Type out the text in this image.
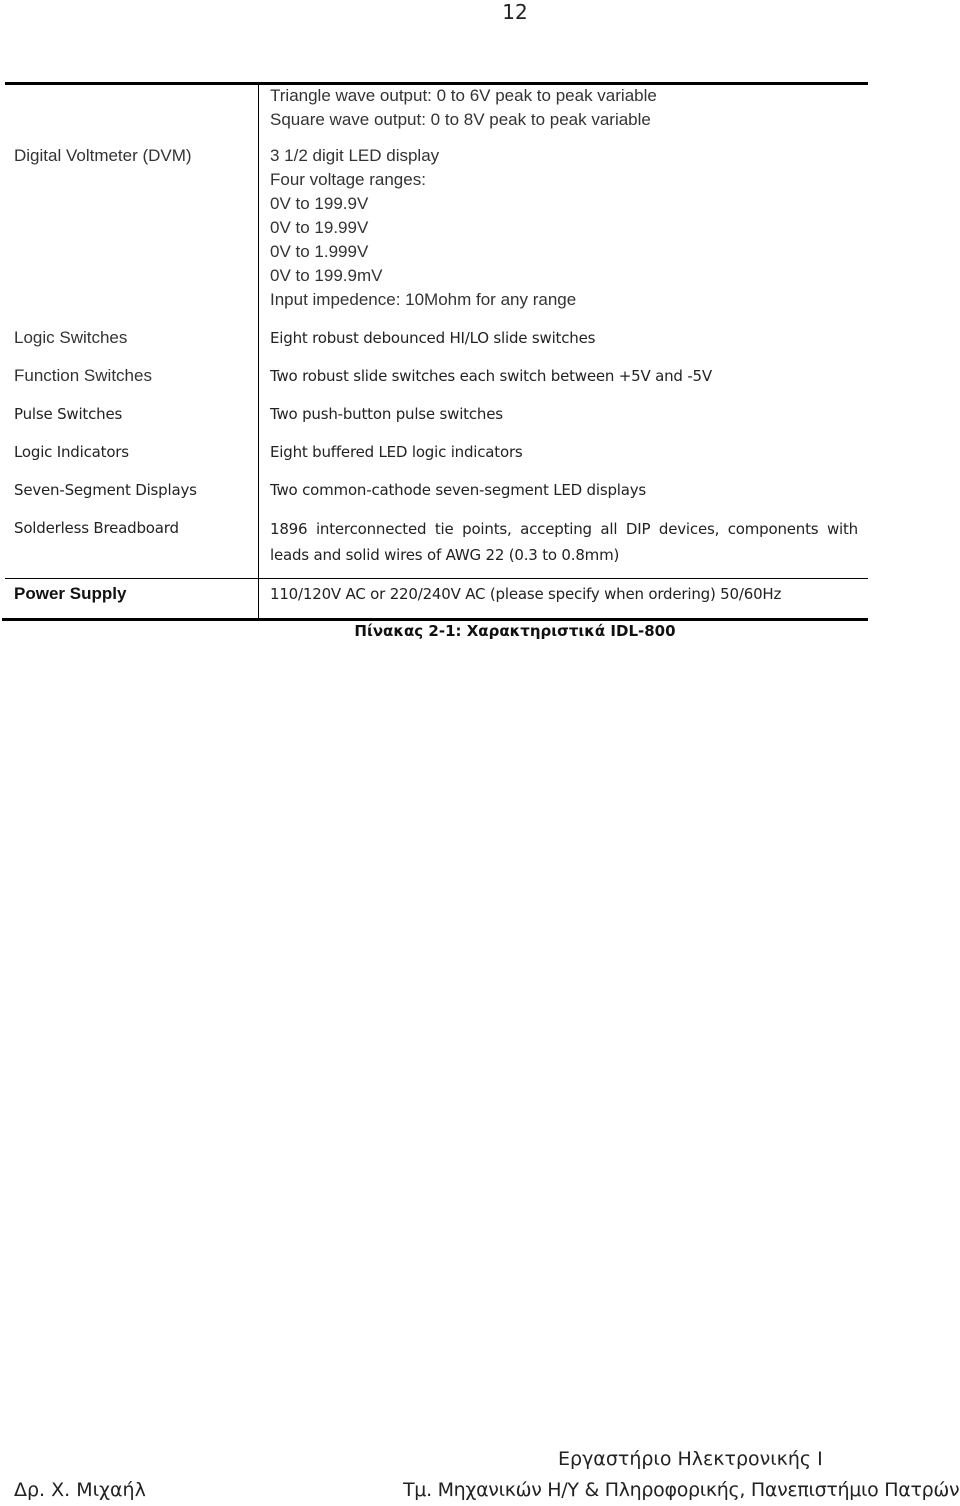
12
Triangle wave output: 0 to 6V peak to peak variable
Square wave output: 0 to 8V peak to peak variable
Digital Voltmeter (DVM)	3 1/2 digit LED display
Four voltage ranges:
0V to 199.9V
0V to 19.99V
0V to 1.999V
0V to 199.9mV
Input impedence: 10Mohm for any range
Logic Switches	Eight robust debounced HI/LO slide switches
Function Switches	Two robust slide switches each switch between +5V and -5V
Pulse Switches	Two push-button pulse switches
Logic Indicators	Eight buffered LED logic indicators
Seven-Segment Displays	Two common-cathode seven-segment LED displays
Solderless Breadboard	1896 interconnected tie points, accepting all DIP devices, components with
leads and solid wires of AWG 22 (0.3 to 0.8mm)
Power Supply	110/120V AC or 220/240V AC (please specify when ordering) 50/60Hz
Πίνακας 2-1: Χαρακτηριστικά IDL-800
Εργαστήριο Ηλεκτρονικής Ι
Δρ. Χ. Μιχαήλ	Τμ. Μηχανικών Η/Υ & Πληροφορικής, Πανεπιστήμιο Πατρών
